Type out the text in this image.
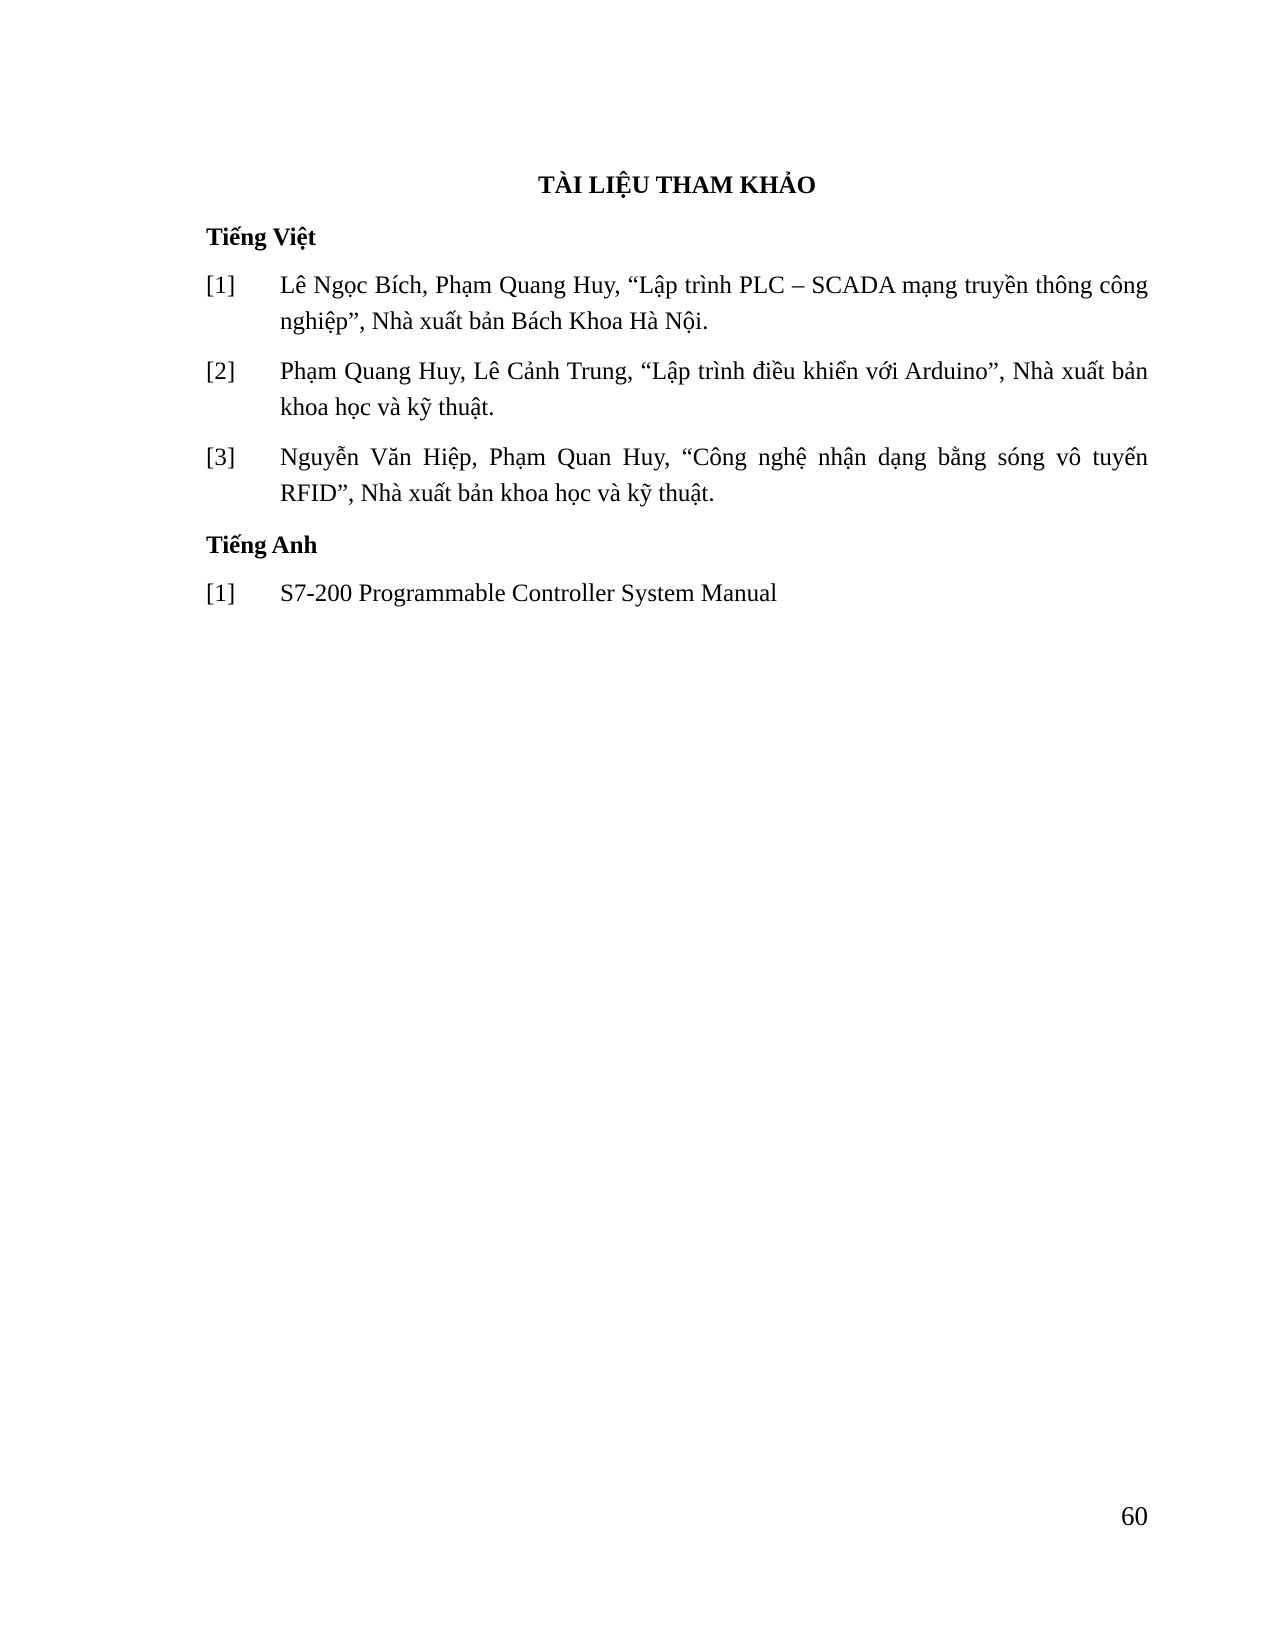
TÀI LIỆU THAM KHẢO
Tiếng Việt
[1] Lê Ngọc Bích, Phạm Quang Huy, “Lập trình PLC – SCADA mạng truyền thông công nghiệp”, Nhà xuất bản Bách Khoa Hà Nội.
[2] Phạm Quang Huy, Lê Cảnh Trung, “Lập trình điều khiển với Arduino”, Nhà xuất bản khoa học và kỹ thuật.
[3] Nguyễn Văn Hiệp, Phạm Quan Huy, “Công nghệ nhận dạng bằng sóng vô tuyến RFID”, Nhà xuất bản khoa học và kỹ thuật.
Tiếng Anh
[1] S7-200 Programmable Controller System Manual
60
